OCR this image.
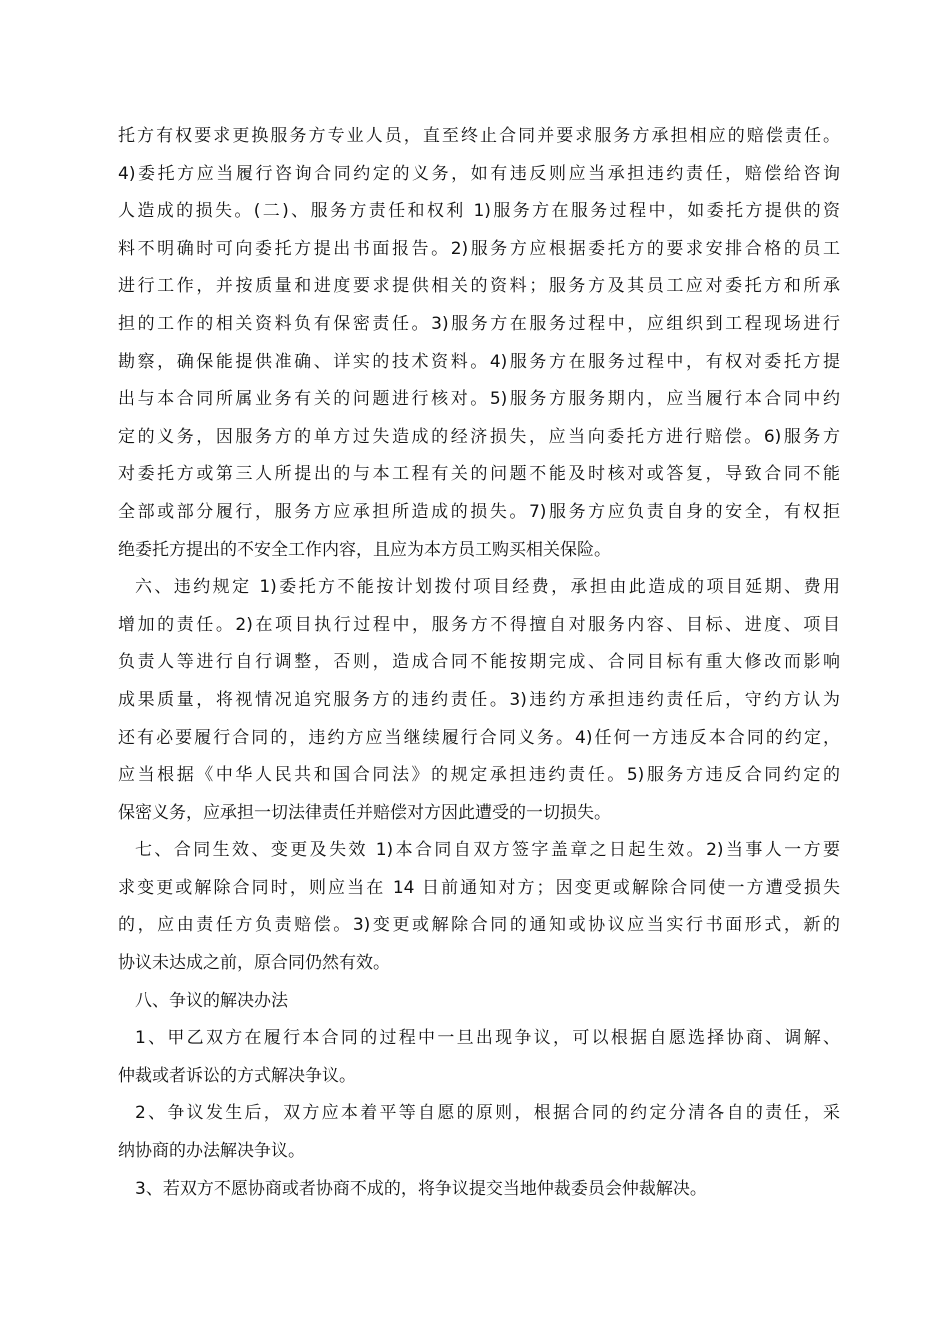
托方有权要求更换服务方专业人员，直至终止合同并要求服务方承担相应的赔偿责任。
4)委托方应当履行咨询合同约定的义务，如有违反则应当承担违约责任，赔偿给咨询
人造成的损失。(二)、服务方责任和权利 1)服务方在服务过程中，如委托方提供的资
料不明确时可向委托方提出书面报告。2)服务方应根据委托方的要求安排合格的员工
进行工作，并按质量和进度要求提供相关的资料；服务方及其员工应对委托方和所承
担的工作的相关资料负有保密责任。3)服务方在服务过程中，应组织到工程现场进行
勘察，确保能提供准确、详实的技术资料。4)服务方在服务过程中，有权对委托方提
出与本合同所属业务有关的问题进行核对。5)服务方服务期内，应当履行本合同中约
定的义务，因服务方的单方过失造成的经济损失，应当向委托方进行赔偿。6)服务方
对委托方或第三人所提出的与本工程有关的问题不能及时核对或答复，导致合同不能
全部或部分履行，服务方应承担所造成的损失。7)服务方应负责自身的安全，有权拒
绝委托方提出的不安全工作内容，且应为本方员工购买相关保险。
六、违约规定 1)委托方不能按计划拨付项目经费，承担由此造成的项目延期、费用
增加的责任。2)在项目执行过程中，服务方不得擅自对服务内容、目标、进度、项目
负责人等进行自行调整，否则，造成合同不能按期完成、合同目标有重大修改而影响
成果质量，将视情况追究服务方的违约责任。3)违约方承担违约责任后，守约方认为
还有必要履行合同的，违约方应当继续履行合同义务。4)任何一方违反本合同的约定，
应当根据《中华人民共和国合同法》的规定承担违约责任。5)服务方违反合同约定的
保密义务，应承担一切法律责任并赔偿对方因此遭受的一切损失。
七、合同生效、变更及失效 1)本合同自双方签字盖章之日起生效。2)当事人一方要
求变更或解除合同时，则应当在 14 日前通知对方；因变更或解除合同使一方遭受损失
的，应由责任方负责赔偿。3)变更或解除合同的通知或协议应当实行书面形式，新的
协议未达成之前，原合同仍然有效。
八、争议的解决办法
1、甲乙双方在履行本合同的过程中一旦出现争议，可以根据自愿选择协商、调解、
仲裁或者诉讼的方式解决争议。
2、争议发生后，双方应本着平等自愿的原则，根据合同的约定分清各自的责任，采
纳协商的办法解决争议。
3、若双方不愿协商或者协商不成的，将争议提交当地仲裁委员会仲裁解决。
